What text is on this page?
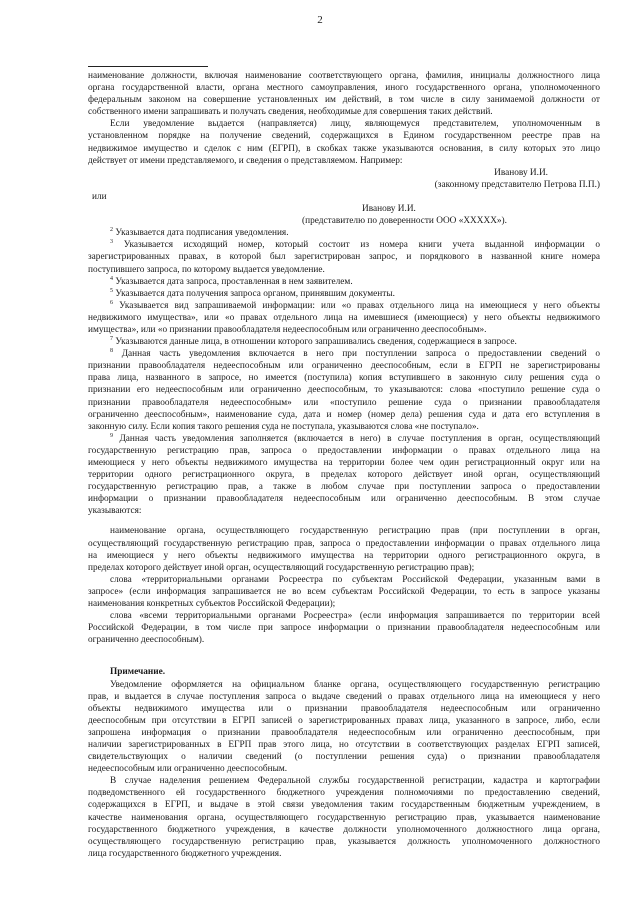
2

наименование должности, включая наименование соответствующего органа, фамилия, инициалы должностного лица
органа государственной власти, органа местного самоуправления, иного государственного органа, уполномоченного
федеральным законом на совершение установленных им действий, в том числе в силу занимаемой должности от
собственного имени запрашивать и получать сведения, необходимые для совершения таких действий.

Если уведомление выдается (направляется) лицу, являющемуся представителем, уполномоченным в
установленном порядке на получение сведений, содержащихся в Едином государственном реестре прав на
недвижимое имущество и сделок с ним (ЕГРП), в скобках также указываются основания, в силу которых это лицо
действует от имени представляемого, и сведения о представляемом. Например:

Иванову И.И.
(законному представителю Петрова П.П.)
или
Иванову И.И.
(представителю по доверенности ООО «XXXXX»).

$^2$ Указывается дата подписания уведомления.

$^3$ Указывается исходящий номер, который состоит из номера книги учета выданной информации о
зарегистрированных правах, в которой был зарегистрирован запрос, и порядкового в названной книге номера
поступившего запроса, по которому выдается уведомление.

$^4$ Указывается дата запроса, проставленная в нем заявителем.

$^5$ Указывается дата получения запроса органом, принявшим документы.

$^6$ Указывается вид запрашиваемой информации: или «о правах отдельного лица на имеющиеся у него объекты
недвижимого имущества», или «о правах отдельного лица на имевшиеся (имеющиеся) у него объекты недвижимого
имущества», или «о признании правообладателя недееспособным или ограниченно дееспособным».

$^7$ Указываются данные лица, в отношении которого запрашивались сведения, содержащиеся в запросе.

$^8$ Данная часть уведомления включается в него при поступлении запроса о предоставлении сведений о
признании правообладателя недееспособным или ограниченно дееспособным, если в ЕГРП не зарегистрированы
права лица, названного в запросе, но имеется (поступила) копия вступившего в законную силу решения суда о
признании его недееспособным или ограниченно дееспособным, то указываются: слова «поступило решение суда о
признании правообладателя недееспособным» или «поступило решение суда о признании правообладателя
ограниченно дееспособным», наименование суда, дата и номер (номер дела) решения суда и дата его вступления в
законную силу. Если копия такого решения суда не поступала, указываются слова «не поступало».

$^9$ Данная часть уведомления заполняется (включается в него) в случае поступления в орган, осуществляющий
государственную регистрацию прав, запроса о предоставлении информации о правах отдельного лица на
имеющиеся у него объекты недвижимого имущества на территории более чем один регистрационный округ или на
территории одного регистрационного округа, в пределах которого действует иной орган, осуществляющий
государственную регистрацию прав, а также в любом случае при поступлении запроса о предоставлении
информации о признании правообладателя недееспособным или ограниченно дееспособным. В этом случае
указываются:

наименование органа, осуществляющего государственную регистрацию прав (при поступлении в орган,
осуществляющий государственную регистрацию прав, запроса о предоставлении информации о правах отдельного лица
на имеющиеся у него объекты недвижимого имущества на территории одного регистрационного округа, в
пределах которого действует иной орган, осуществляющий государственную регистрацию прав);

слова «территориальными органами Росреестра по субъектам Российской Федерации, указанным вами в
запросе» (если информация запрашивается не во всем субъектам Российской Федерации, то есть в запросе указаны
наименования конкретных субъектов Российской Федерации);

слова «всеми территориальными органами Росреестра» (если информация запрашивается по территории всей
Российской Федерации, в том числе при запросе информации о признании правообладателя недееспособным или
ограниченно дееспособным).

Примечание.

Уведомление оформляется на официальном бланке органа, осуществляющего государственную регистрацию
прав, и выдается в случае поступления запроса о выдаче сведений о правах отдельного лица на имеющиеся у него
объекты недвижимого имущества или о признании правообладателя недееспособным или ограниченно
дееспособным при отсутствии в ЕГРП записей о зарегистрированных правах лица, указанного в запросе, либо, если
запрошена информация о признании правообладателя недееспособным или ограниченно дееспособным, при
наличии зарегистрированных в ЕГРП прав этого лица, но отсутствии в соответствующих разделах ЕГРП записей,
свидетельствующих о наличии сведений (о поступлении решения суда) о признании правообладателя
недееспособным или ограниченно дееспособным.

В случае наделения решением Федеральной службы государственной регистрации, кадастра и картографии
подведомственного ей государственного бюджетного учреждения полномочиями по предоставлению сведений,
содержащихся в ЕГРП, и выдаче в этой связи уведомления таким государственным бюджетным учреждением, в
качестве наименования органа, осуществляющего государственную регистрацию прав, указывается наименование
государственного бюджетного учреждения, в качестве должности уполномоченного должностного лица органа,
осуществляющего государственную регистрацию прав, указывается должность уполномоченного должностного
лица государственного бюджетного учреждения.
